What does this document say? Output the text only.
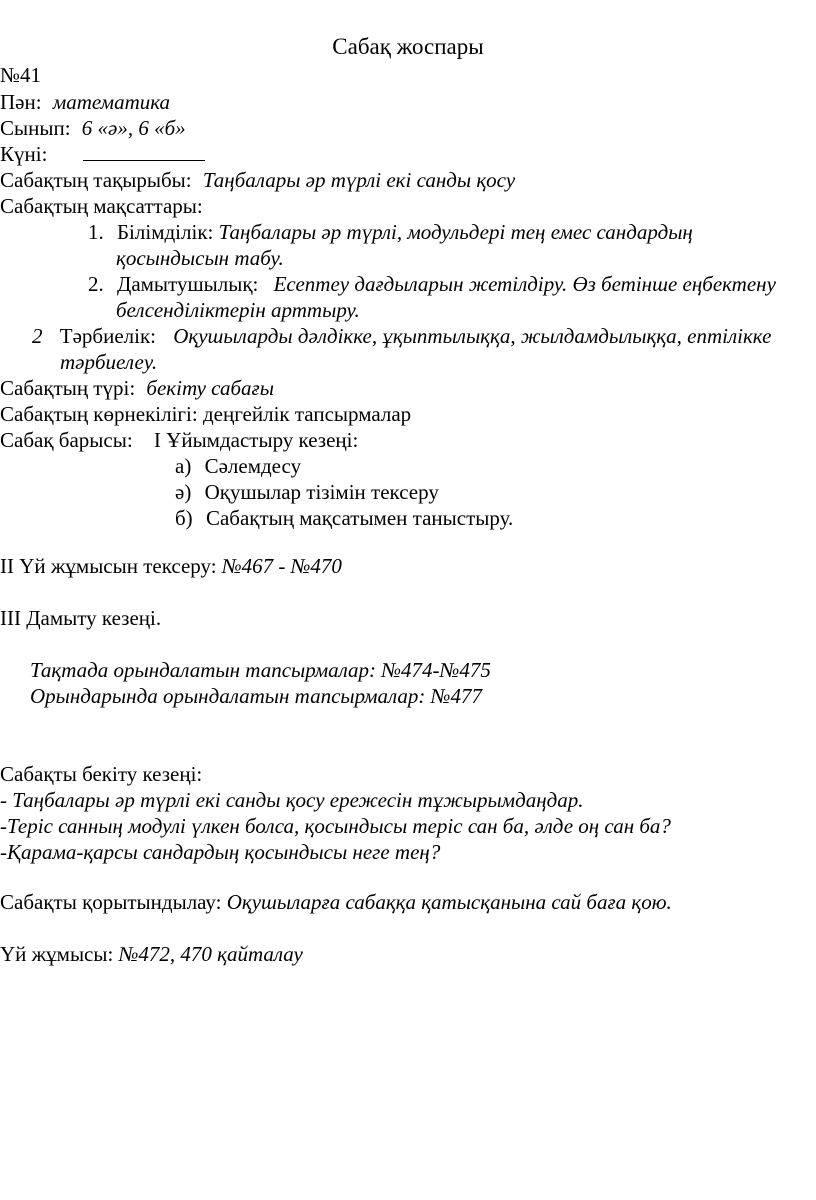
Сабақ жоспары
№41
Пән: математика
Сынып: 6 «ә», 6 «б»
Күні:
Сабақтың тақырыбы: Таңбалары әр түрлі екі санды қосу
Сабақтың мақсаттары:
1. Білімділік: Таңбалары әр түрлі, модульдері тең емес сандардың
қосындысын табу.
2. Дамытушылық: Есептеу дағдыларын жетілдіру. Өз бетінше еңбектену
белсенділіктерін арттыру.
2 Тәрбиелік: Оқушыларды дәлдікке, ұқыптылыққа, жылдамдылыққа, ептілікке
тәрбиелеу.
Сабақтың түрі: бекіту сабағы
Сабақтың көрнекілігі: деңгейлік тапсырмалар
Сабақ барысы: І Ұйымдастыру кезеңі:
а) Сәлемдесу
ә) Оқушылар тізімін тексеру
б) Сабақтың мақсатымен таныстыру.
ІІ Үй жұмысын тексеру: №467 - №470
ІІІ Дамыту кезеңі.
Тақтада орындалатын тапсырмалар: №474-№475
Орындарында орындалатын тапсырмалар: №477
Сабақты бекіту кезеңі:
- Таңбалары әр түрлі екі санды қосу ережесін тұжырымдаңдар.
-Теріс санның модулі үлкен болса, қосындысы теріс сан ба, әлде оң сан ба?
-Қарама-қарсы сандардың қосындысы неге тең?
Сабақты қорытындылау: Оқушыларға сабаққа қатысқанына сай баға қою.
Үй жұмысы: №472, 470 қайталау
